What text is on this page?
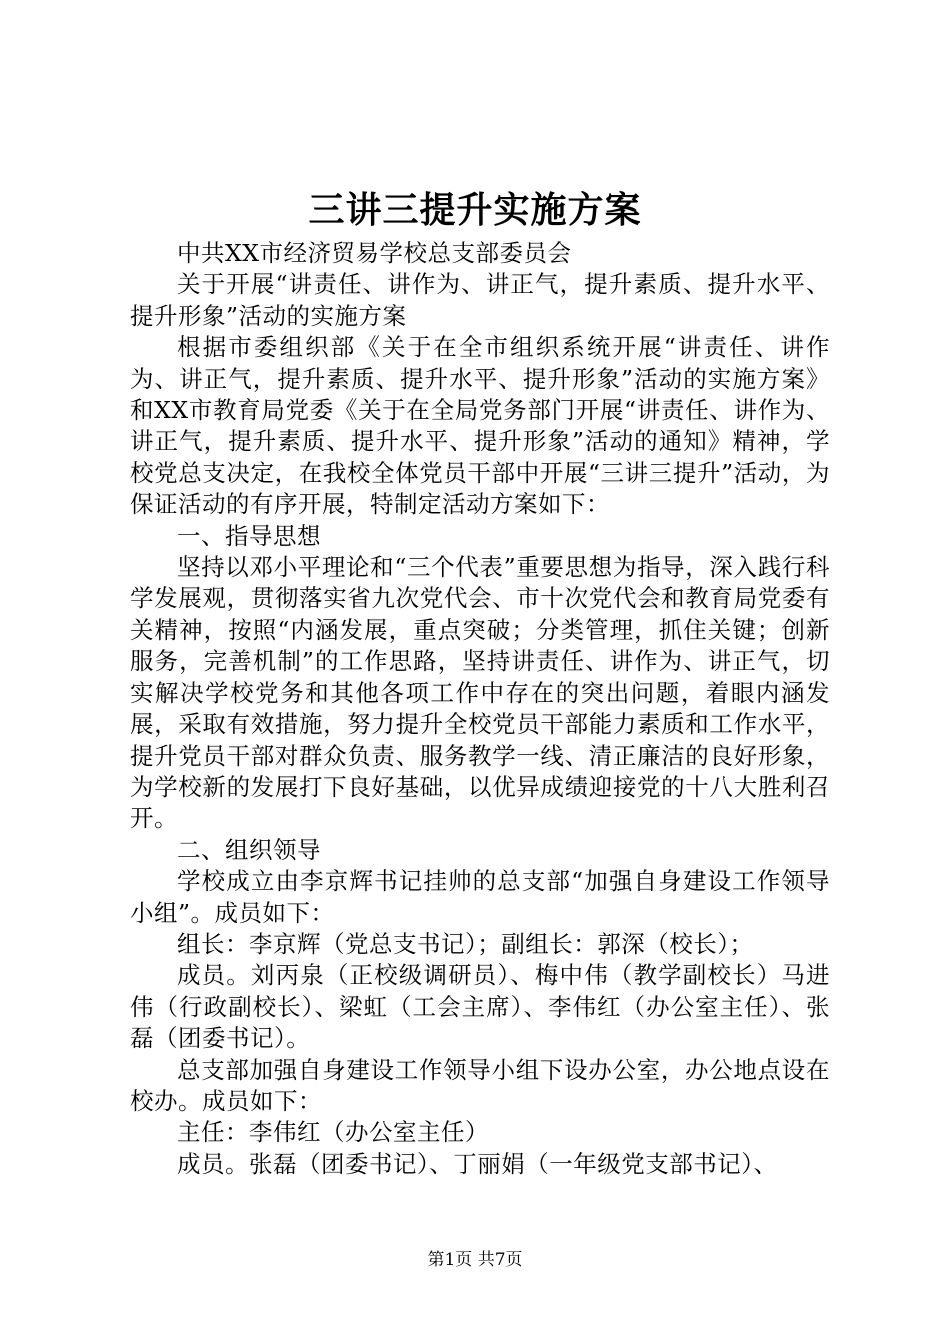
三讲三提升实施方案

中共XX市经济贸易学校总支部委员会

关于开展“讲责任、讲作为、讲正气，提升素质、提升水平、提升形象”活动的实施方案

根据市委组织部《关于在全市组织系统开展“讲责任、讲作为、讲正气，提升素质、提升水平、提升形象”活动的实施方案》和XX市教育局党委《关于在全局党务部门开展“讲责任、讲作为、讲正气，提升素质、提升水平、提升形象”活动的通知》精神，学校党总支决定，在我校全体党员干部中开展“三讲三提升”活动，为保证活动的有序开展，特制定活动方案如下：

一、指导思想

坚持以邓小平理论和“三个代表”重要思想为指导，深入践行科学发展观，贯彻落实省九次党代会、市十次党代会和教育局党委有关精神，按照“内涵发展，重点突破；分类管理，抓住关键；创新服务，完善机制”的工作思路，坚持讲责任、讲作为、讲正气，切实解决学校党务和其他各项工作中存在的突出问题，着眼内涵发展，采取有效措施，努力提升全校党员干部能力素质和工作水平，提升党员干部对群众负责、服务教学一线、清正廉洁的良好形象，为学校新的发展打下良好基础，以优异成绩迎接党的十八大胜利召开。

二、组织领导

学校成立由李京辉书记挂帅的总支部“加强自身建设工作领导小组”。成员如下：

组长：李京辉（党总支书记）；副组长：郭深（校长）；

成员。刘丙泉（正校级调研员）、梅中伟（教学副校长）马进伟（行政副校长）、梁虹（工会主席）、李伟红（办公室主任）、张磊（团委书记）。

总支部加强自身建设工作领导小组下设办公室，办公地点设在校办。成员如下：

主任：李伟红（办公室主任）

成员。张磊（团委书记）、丁丽娟（一年级党支部书记）、

第1页 共7页
